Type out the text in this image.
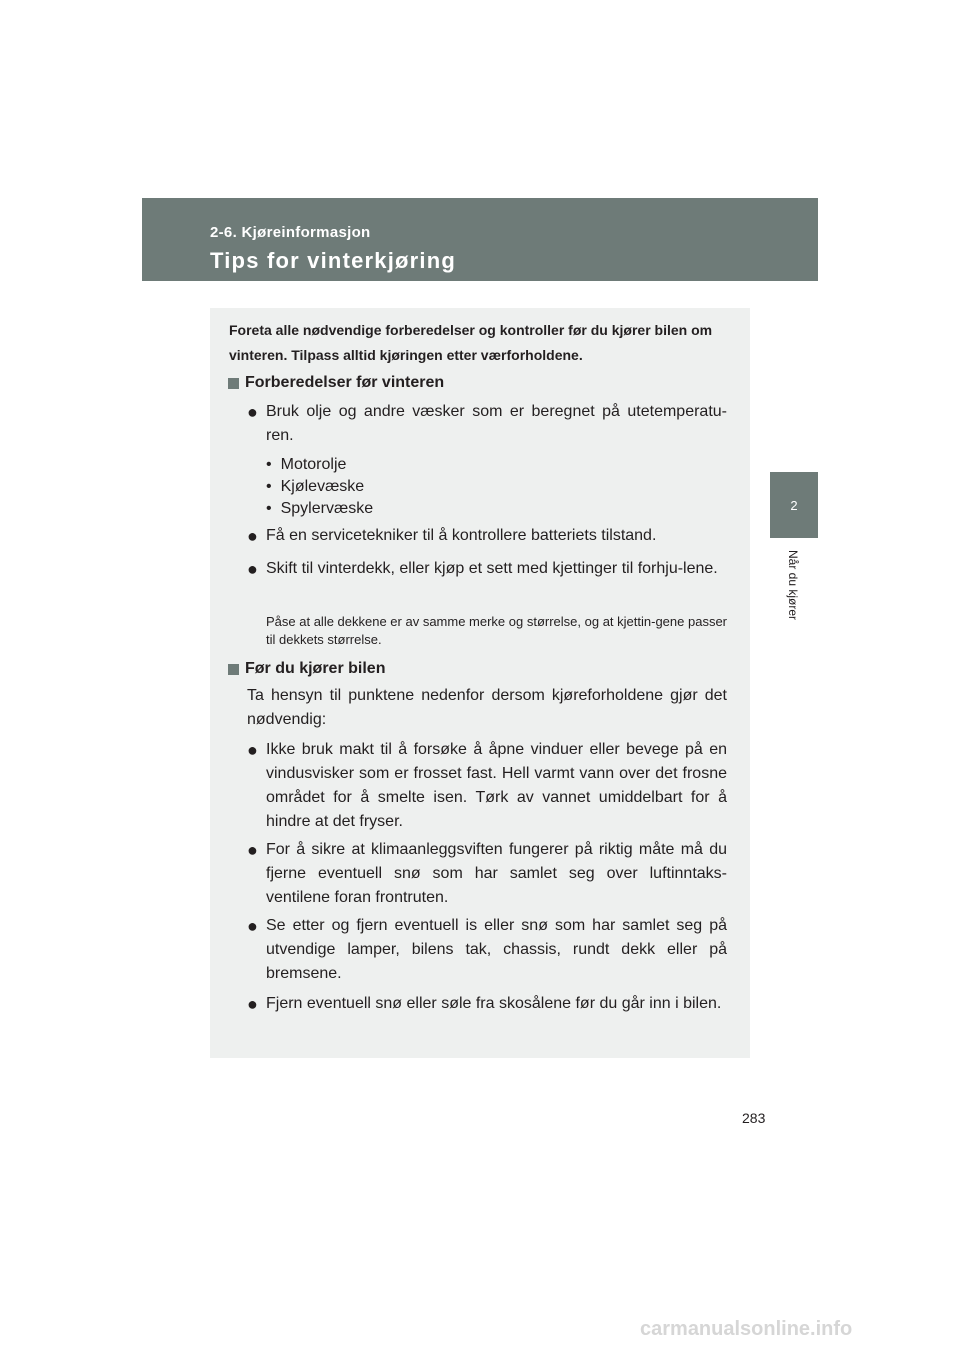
2-6. Kjøreinformasjon
Tips for vinterkjøring
2
Når du kjører

Foreta alle nødvendige forberedelser og kontroller før du kjører bilen om vinteren. Tilpass alltid kjøringen etter værforholdene.

Forberedelser før vinteren
● Bruk olje og andre væsker som er beregnet på utetemperatu-ren.
• Motorolje
• Kjølevæske
• Spylervæske
● Få en servicetekniker til å kontrollere batteriets tilstand.
● Skift til vinterdekk, eller kjøp et sett med kjettinger til forhju-lene.

Påse at alle dekkene er av samme merke og størrelse, og at kjettin-gene passer til dekkets størrelse.

Før du kjører bilen

Ta hensyn til punktene nedenfor dersom kjøreforholdene gjør det nødvendig:

● Ikke bruk makt til å forsøke å åpne vinduer eller bevege på en vindusvisker som er frosset fast. Hell varmt vann over det frosne området for å smelte isen. Tørk av vannet umiddelbart for å hindre at det fryser.
● For å sikre at klimaanleggsviften fungerer på riktig måte må du fjerne eventuell snø som har samlet seg over luftinntaks-ventilene foran frontruten.
● Se etter og fjern eventuell is eller snø som har samlet seg på utvendige lamper, bilens tak, chassis, rundt dekk eller på bremsene.
● Fjern eventuell snø eller søle fra skosålene før du går inn i bilen.
283
carmanualsonline.info
